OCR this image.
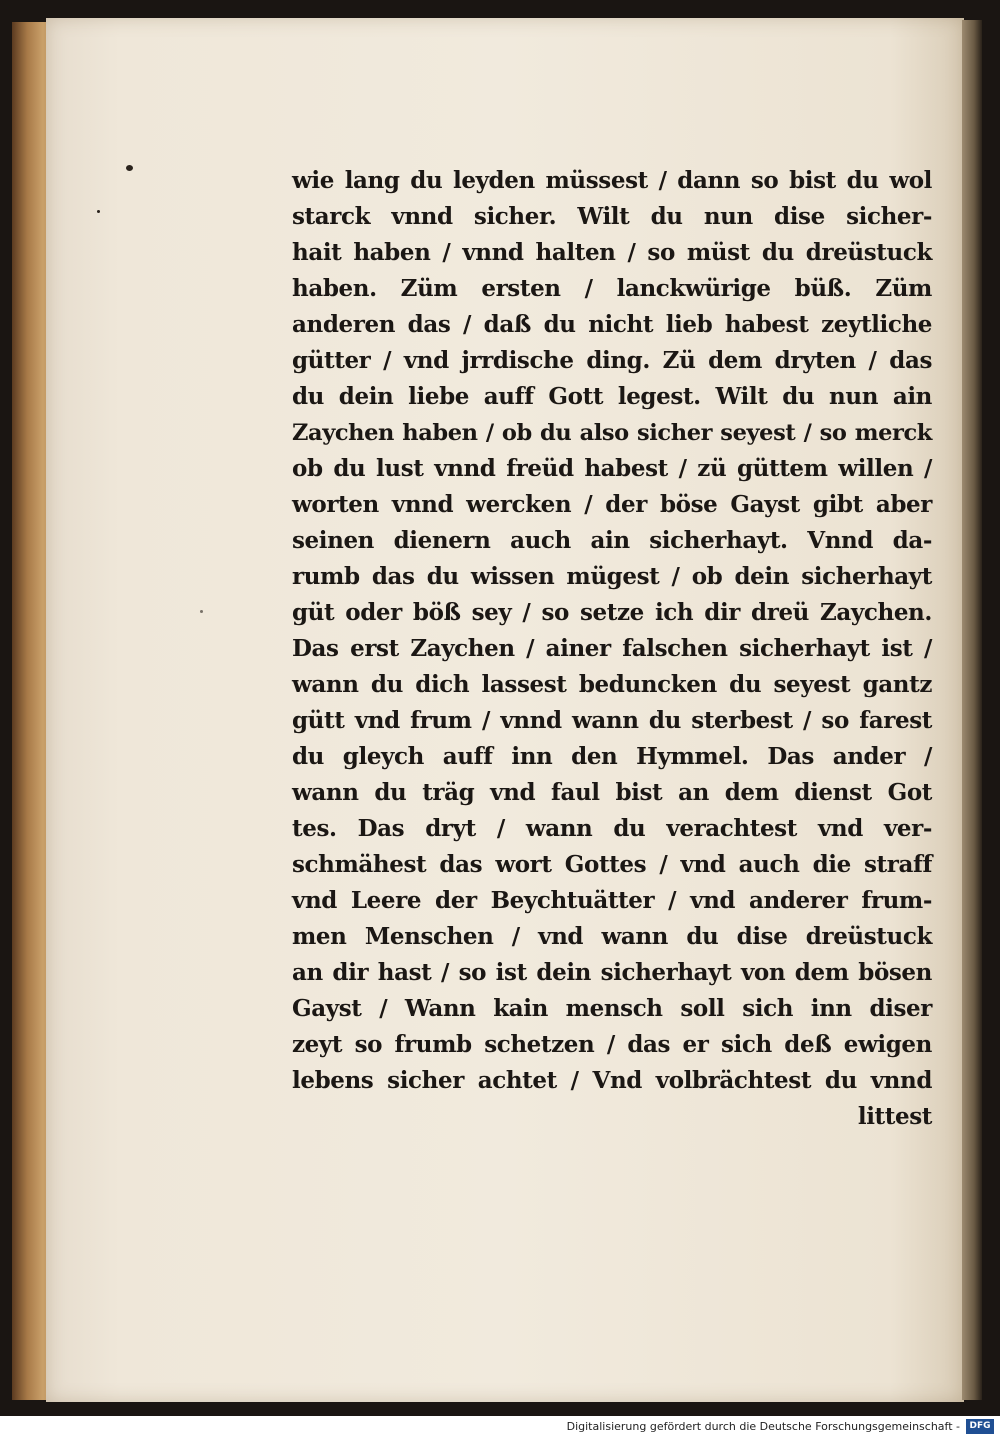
wie lang du leyden müssest / dann so bist du wol
starck vnnd sicher. Wilt du nun dise sicher-
hait haben / vnnd halten / so müst du dreüstuck
haben. Züm ersten / lanckwürige büß. Züm
anderen das / daß du nicht lieb habest zeytliche
gütter / vnd jrrdische ding. Zü dem dryten / das
du dein liebe auff Gott legest. Wilt du nun ain
Zaychen haben / ob du also sicher seyest / so merck
ob du lust vnnd freüd habest / zü güttem willen /
worten vnnd wercken / der böse Gayst gibt aber
seinen dienern auch ain sicherhayt. Vnnd da-
rumb das du wissen mügest / ob dein sicherhayt
güt oder böß sey / so setze ich dir dreü Zaychen.
Das erst Zaychen / ainer falschen sicherhayt ist /
wann du dich lassest beduncken du seyest gantz
gütt vnd frum / vnnd wann du sterbest / so farest
du gleych auff inn den Hymmel. Das ander /
wann du träg vnd faul bist an dem dienst Got
tes. Das dryt / wann du verachtest vnd ver-
schmähest das wort Gottes / vnd auch die straff
vnd Leere der Beychtuätter / vnd anderer frum-
men Menschen / vnd wann du dise dreüstuck
an dir hast / so ist dein sicherhayt von dem bösen
Gayst / Wann kain mensch soll sich inn diser
zeyt so frumb schetzen / das er sich deß ewigen
lebens sicher achtet / Vnd volbrächtest du vnnd
littest
Digitalisierung gefördert durch die Deutsche Forschungsgemeinschaft -	DFG
